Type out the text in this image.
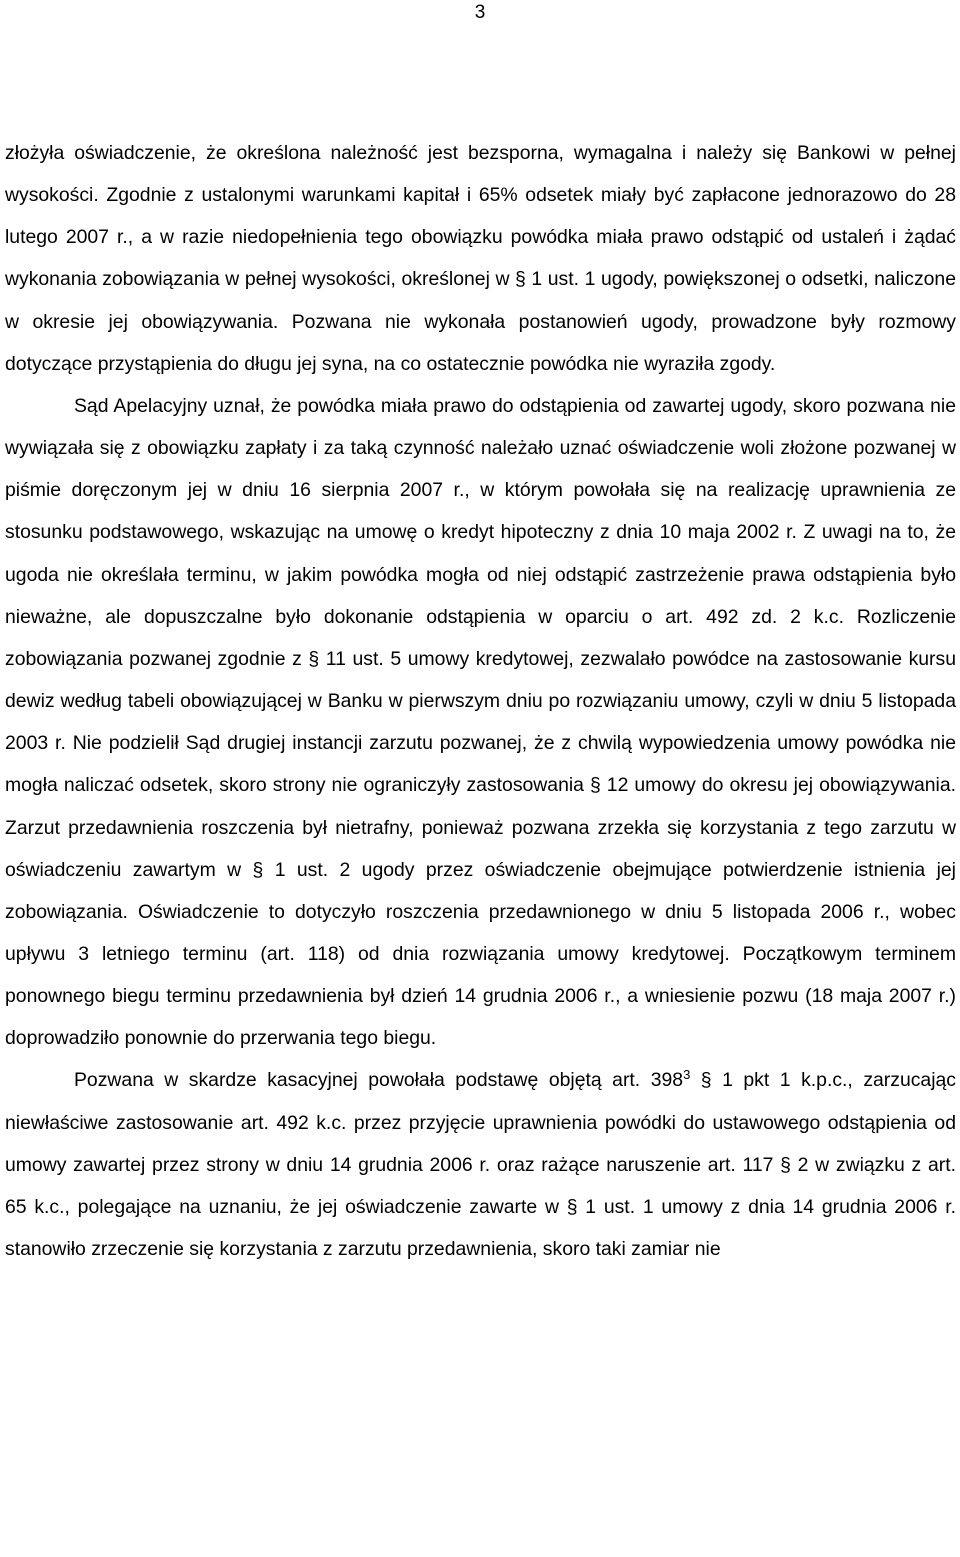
3

złożyła oświadczenie, że określona należność jest bezsporna, wymagalna i należy się Bankowi w pełnej wysokości. Zgodnie z ustalonymi warunkami kapitał i 65% odsetek miały być zapłacone jednorazowo do 28 lutego 2007 r., a w razie niedopełnienia tego obowiązku powódka miała prawo odstąpić od ustaleń i żądać wykonania zobowiązania w pełnej wysokości, określonej w § 1 ust. 1 ugody, powiększonej o odsetki, naliczone w okresie jej obowiązywania. Pozwana nie wykonała postanowień ugody, prowadzone były rozmowy dotyczące przystąpienia do długu jej syna, na co ostatecznie powódka nie wyraziła zgody.

Sąd Apelacyjny uznał, że powódka miała prawo do odstąpienia od zawartej ugody, skoro pozwana nie wywiązała się z obowiązku zapłaty i za taką czynność należało uznać oświadczenie woli złożone pozwanej w piśmie doręczonym jej w dniu 16 sierpnia 2007 r., w którym powołała się na realizację uprawnienia ze stosunku podstawowego, wskazując na umowę o kredyt hipoteczny z dnia 10 maja 2002 r. Z uwagi na to, że ugoda nie określała terminu, w jakim powódka mogła od niej odstąpić zastrzeżenie prawa odstąpienia było nieważne, ale dopuszczalne było dokonanie odstąpienia w oparciu o art. 492 zd. 2 k.c. Rozliczenie zobowiązania pozwanej zgodnie z § 11 ust. 5 umowy kredytowej, zezwalało powódce na zastosowanie kursu dewiz według tabeli obowiązującej w Banku w pierwszym dniu po rozwiązaniu umowy, czyli w dniu 5 listopada 2003 r. Nie podzielił Sąd drugiej instancji zarzutu pozwanej, że z chwilą wypowiedzenia umowy powódka nie mogła naliczać odsetek, skoro strony nie ograniczyły zastosowania § 12 umowy do okresu jej obowiązywania. Zarzut przedawnienia roszczenia był nietrafny, ponieważ pozwana zrzekła się korzystania z tego zarzutu w oświadczeniu zawartym w § 1 ust. 2 ugody przez oświadczenie obejmujące potwierdzenie istnienia jej zobowiązania. Oświadczenie to dotyczyło roszczenia przedawnionego w dniu 5 listopada 2006 r., wobec upływu 3 letniego terminu (art. 118) od dnia rozwiązania umowy kredytowej. Początkowym terminem ponownego biegu terminu przedawnienia był dzień 14 grudnia 2006 r., a wniesienie pozwu (18 maja 2007 r.) doprowadziło ponownie do przerwania tego biegu.

Pozwana w skardze kasacyjnej powołała podstawę objętą art. $398^3$ § 1 pkt 1 k.p.c., zarzucając niewłaściwe zastosowanie art. 492 k.c. przez przyjęcie uprawnienia powódki do ustawowego odstąpienia od umowy zawartej przez strony w dniu 14 grudnia 2006 r. oraz rażące naruszenie art. 117 § 2 w związku z art. 65 k.c., polegające na uznaniu, że jej oświadczenie zawarte w § 1 ust. 1 umowy z dnia 14 grudnia 2006 r. stanowiło zrzeczenie się korzystania z zarzutu przedawnienia, skoro taki zamiar nie
